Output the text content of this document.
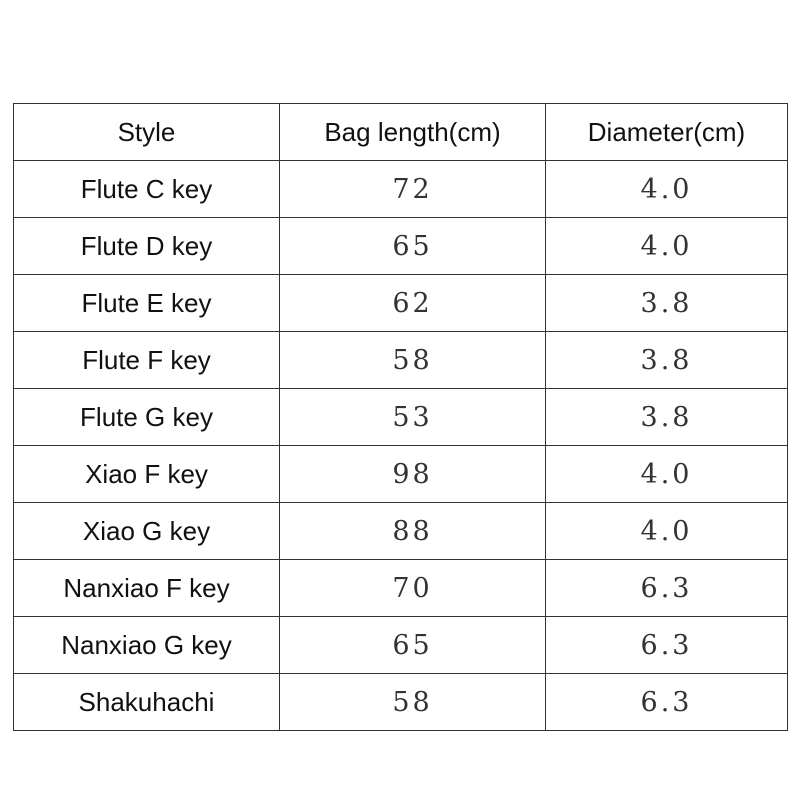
Style	Bag length(cm)	Diameter(cm)
Flute C key	72	4.0
Flute D key	65	4.0
Flute E key	62	3.8
Flute F key	58	3.8
Flute G key	53	3.8
Xiao F key	98	4.0
Xiao G key	88	4.0
Nanxiao F key	70	6.3
Nanxiao G key	65	6.3
Shakuhachi	58	6.3
